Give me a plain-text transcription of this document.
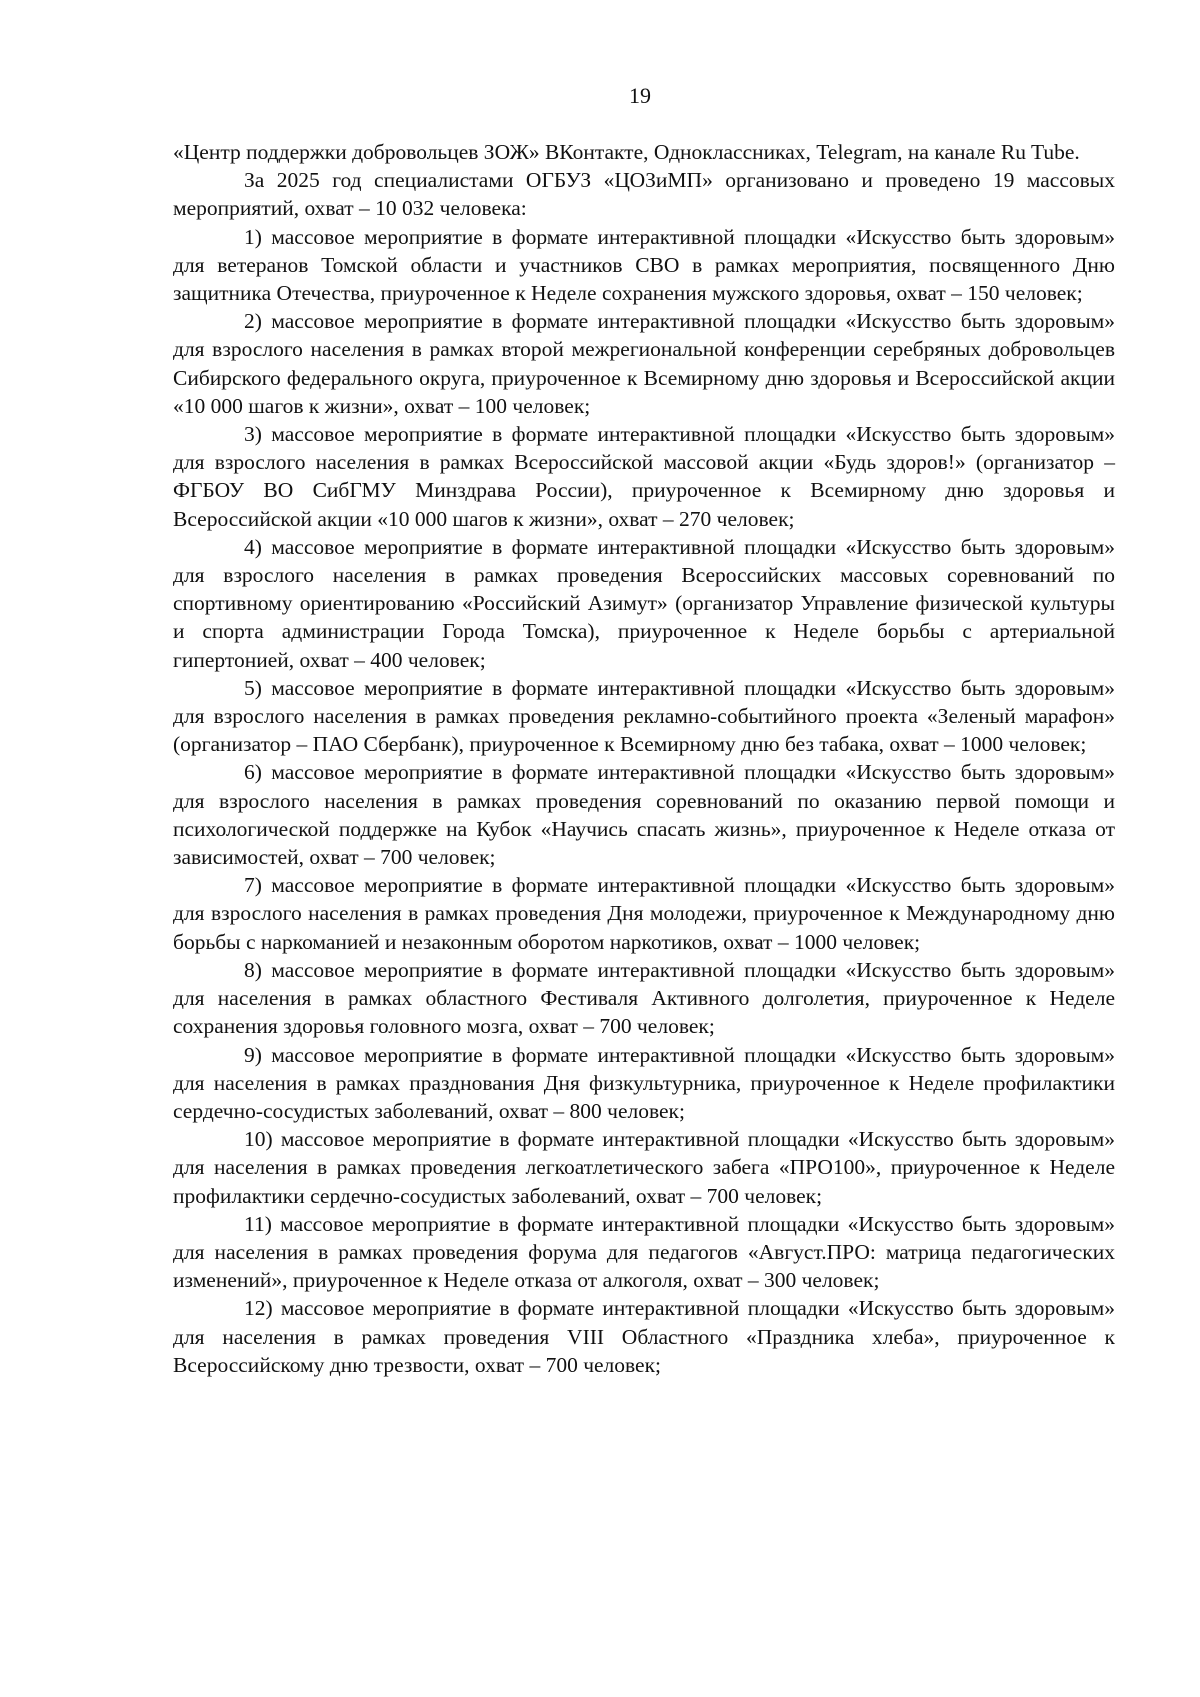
19

«Центр поддержки добровольцев ЗОЖ» ВКонтакте, Одноклассниках, Telegram, на канале Ru Tube.

За 2025 год специалистами ОГБУЗ «ЦОЗиМП» организовано и проведено 19 массовых мероприятий, охват – 10 032 человека:

1) массовое мероприятие в формате интерактивной площадки «Искусство быть здоровым» для ветеранов Томской области и участников СВО в рамках мероприятия, посвященного Дню защитника Отечества, приуроченное к Неделе сохранения мужского здоровья, охват – 150 человек;

2) массовое мероприятие в формате интерактивной площадки «Искусство быть здоровым» для взрослого населения в рамках второй межрегиональной конференции серебряных добровольцев Сибирского федерального округа, приуроченное к Всемирному дню здоровья и Всероссийской акции «10 000 шагов к жизни», охват – 100 человек;

3) массовое мероприятие в формате интерактивной площадки «Искусство быть здоровым» для взрослого населения в рамках Всероссийской массовой акции «Будь здоров!» (организатор – ФГБОУ ВО СибГМУ Минздрава России), приуроченное к Всемирному дню здоровья и Всероссийской акции «10 000 шагов к жизни», охват – 270 человек;

4) массовое мероприятие в формате интерактивной площадки «Искусство быть здоровым» для взрослого населения в рамках проведения Всероссийских массовых соревнований по спортивному ориентированию «Российский Азимут» (организатор Управление физической культуры и спорта администрации Города Томска), приуроченное к Неделе борьбы с артериальной гипертонией, охват – 400 человек;

5) массовое мероприятие в формате интерактивной площадки «Искусство быть здоровым» для взрослого населения в рамках проведения рекламно-событийного проекта «Зеленый марафон» (организатор – ПАО Сбербанк), приуроченное к Всемирному дню без табака, охват – 1000 человек;

6) массовое мероприятие в формате интерактивной площадки «Искусство быть здоровым» для взрослого населения в рамках проведения соревнований по оказанию первой помощи и психологической поддержке на Кубок «Научись спасать жизнь», приуроченное к Неделе отказа от зависимостей, охват – 700 человек;

7) массовое мероприятие в формате интерактивной площадки «Искусство быть здоровым» для взрослого населения в рамках проведения Дня молодежи, приуроченное к Международному дню борьбы с наркоманией и незаконным оборотом наркотиков, охват – 1000 человек;

8) массовое мероприятие в формате интерактивной площадки «Искусство быть здоровым» для населения в рамках областного Фестиваля Активного долголетия, приуроченное к Неделе сохранения здоровья головного мозга, охват – 700 человек;

9) массовое мероприятие в формате интерактивной площадки «Искусство быть здоровым» для населения в рамках празднования Дня физкультурника, приуроченное к Неделе профилактики сердечно-сосудистых заболеваний, охват – 800 человек;

10) массовое мероприятие в формате интерактивной площадки «Искусство быть здоровым» для населения в рамках проведения легкоатлетического забега «ПРО100», приуроченное к Неделе профилактики сердечно-сосудистых заболеваний, охват – 700 человек;

11) массовое мероприятие в формате интерактивной площадки «Искусство быть здоровым» для населения в рамках проведения форума для педагогов «Август.ПРО: матрица педагогических изменений», приуроченное к Неделе отказа от алкоголя, охват – 300 человек;

12) массовое мероприятие в формате интерактивной площадки «Искусство быть здоровым» для населения в рамках проведения VIII Областного «Праздника хлеба», приуроченное к Всероссийскому дню трезвости, охват – 700 человек;
